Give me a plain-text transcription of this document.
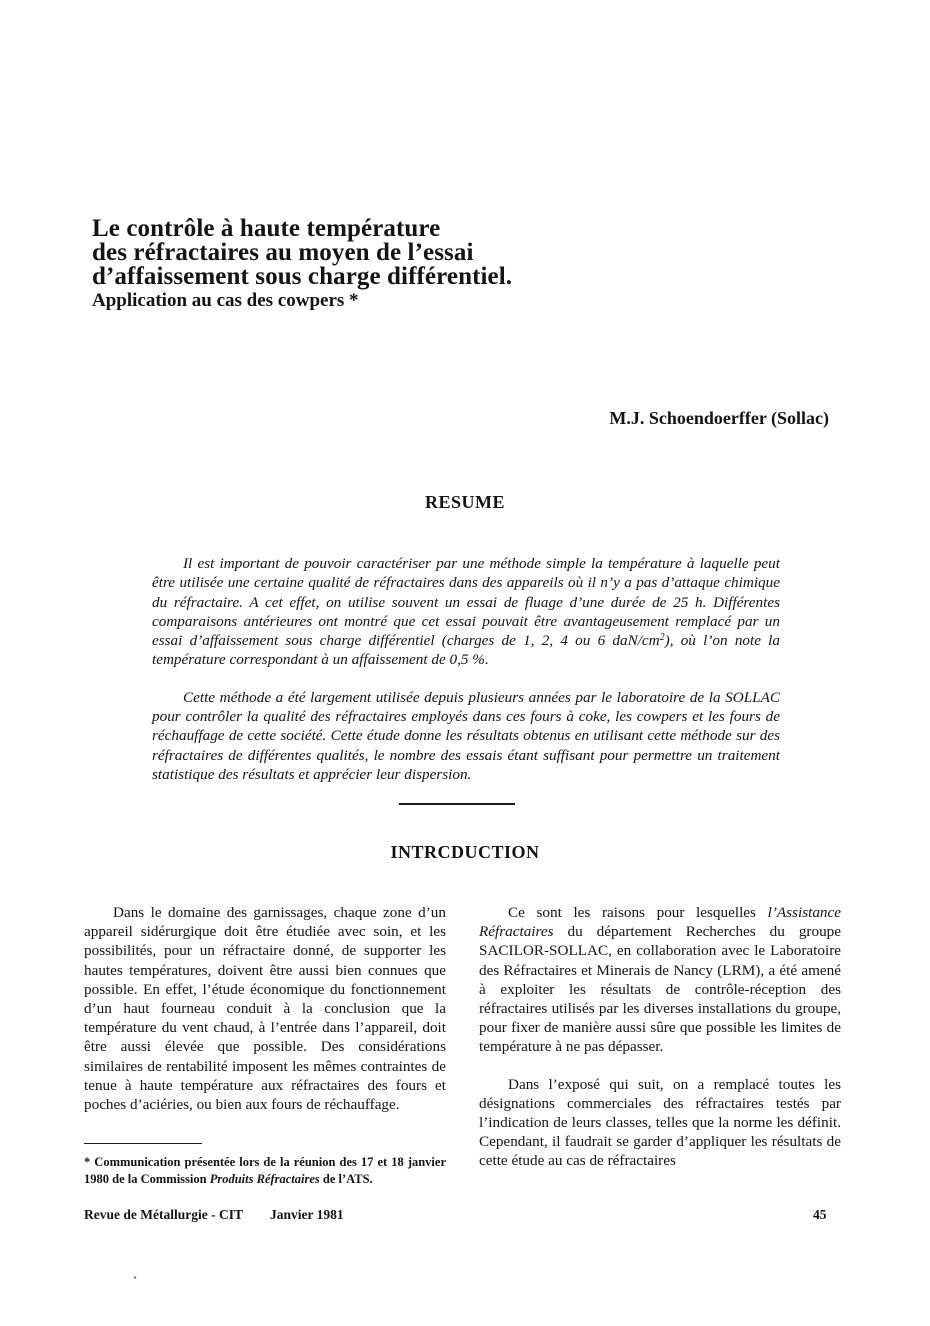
Le contrôle à haute température
des réfractaires au moyen de l’essai
d’affaissement sous charge différentiel.
Application au cas des cowpers *
M.J. Schoendoerffer (Sollac)
RESUME

Il est important de pouvoir caractériser par une méthode simple la température à laquelle peut être utilisée une certaine qualité de réfractaires dans des appareils où il n’y a pas d’attaque chimique du réfractaire. A cet effet, on utilise souvent un essai de fluage d’une durée de 25 h. Différentes comparaisons antérieures ont montré que cet essai pouvait être avantageusement remplacé par un essai d’affaissement sous charge différentiel (charges de 1, 2, 4 ou 6 daN/$cm^2$), où l’on note la température correspondant à un affaissement de 0,5 %.

Cette méthode a été largement utilisée depuis plusieurs années par le laboratoire de la SOLLAC pour contrôler la qualité des réfractaires employés dans ces fours à coke, les cowpers et les fours de réchauffage de cette société. Cette étude donne les résultats obtenus en utilisant cette méthode sur des réfractaires de différentes qualités, le nombre des essais étant suffisant pour permettre un traitement statistique des résultats et apprécier leur dispersion.

INTRCDUCTION

Dans le domaine des garnissages, chaque zone d’un appareil sidérurgique doit être étudiée avec soin, et les possibilités, pour un réfractaire donné, de supporter les hautes températures, doivent être aussi bien connues que possible. En effet, l’étude économique du fonctionnement d’un haut fourneau conduit à la conclusion que la température du vent chaud, à l’entrée dans l’appareil, doit être aussi élevée que possible. Des considérations similaires de rentabilité imposent les mêmes contraintes de tenue à haute température aux réfractaires des fours et poches d’aciéries, ou bien aux fours de réchauffage.

Ce sont les raisons pour lesquelles l’Assistance Réfractaires du département Recherches du groupe SACILOR-SOLLAC, en collaboration avec le Laboratoire des Réfractaires et Minerais de Nancy (LRM), a été amené à exploiter les résultats de contrôle-réception des réfractaires utilisés par les diverses installations du groupe, pour fixer de manière aussi sûre que possible les limites de température à ne pas dépasser.

Dans l’exposé qui suit, on a remplacé toutes les désignations commerciales des réfractaires testés par l’indication de leurs classes, telles que la norme les définit. Cependant, il faudrait se garder d’appliquer les résultats de cette étude au cas de réfractaires

* Communication présentée lors de la réunion des 17 et 18 janvier 1980 de la Commission Produits Réfractaires de l’ATS.
Revue de Métallurgie - CIT Janvier 1981	45
